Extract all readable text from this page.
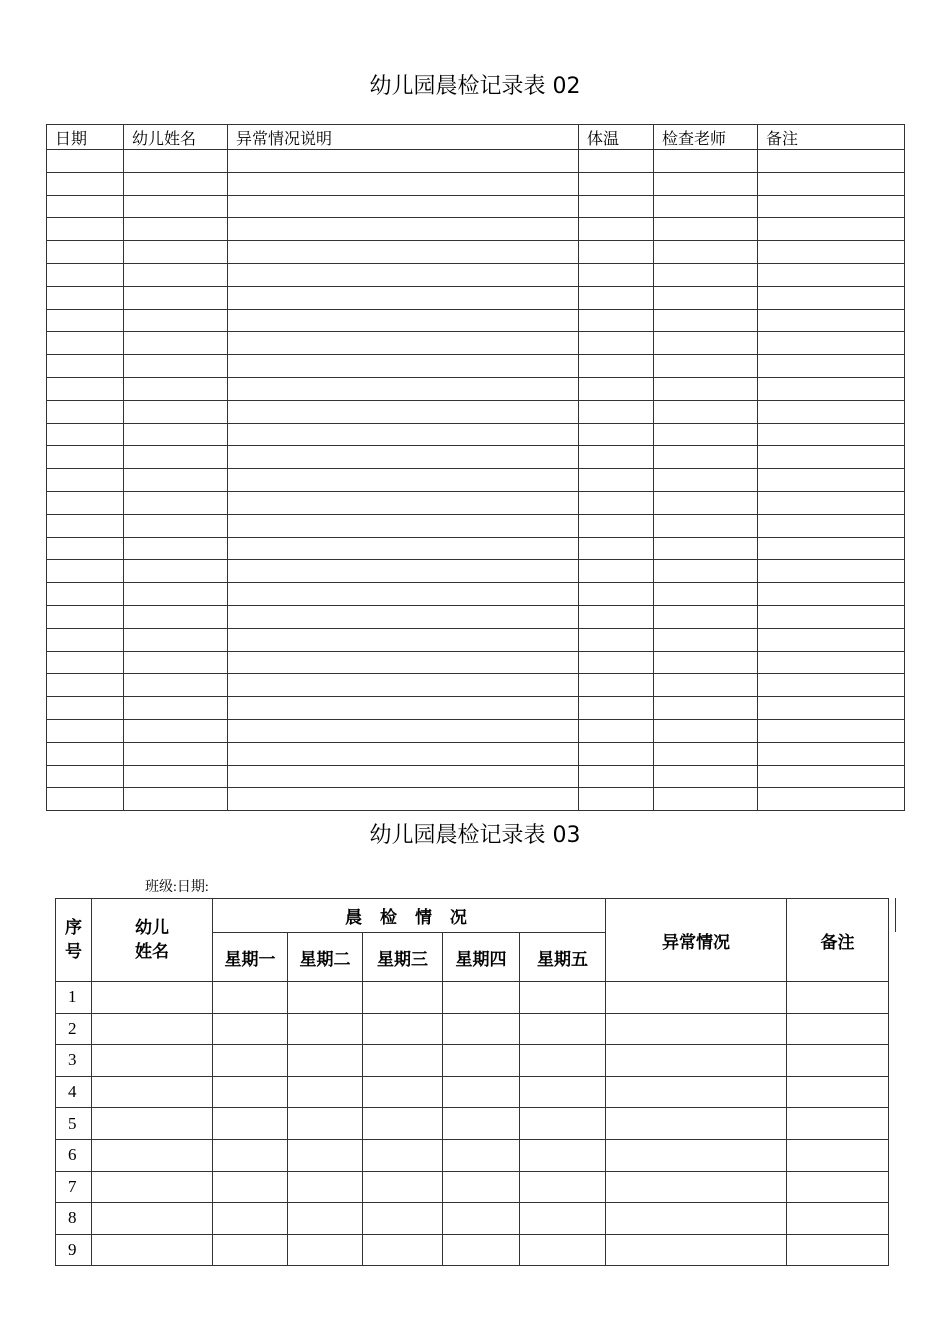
幼儿园晨检记录表 02
日期	幼儿姓名	异常情况说明	体温	检查老师	备注

幼儿园晨检记录表 03
班级:日期:
序号	幼儿姓名	晨 检 情 况					异常情况	备注
		星期一	星期二	星期三	星期四	星期五		
1								
2								
3								
4								
5								
6								
7								
8								
9								
